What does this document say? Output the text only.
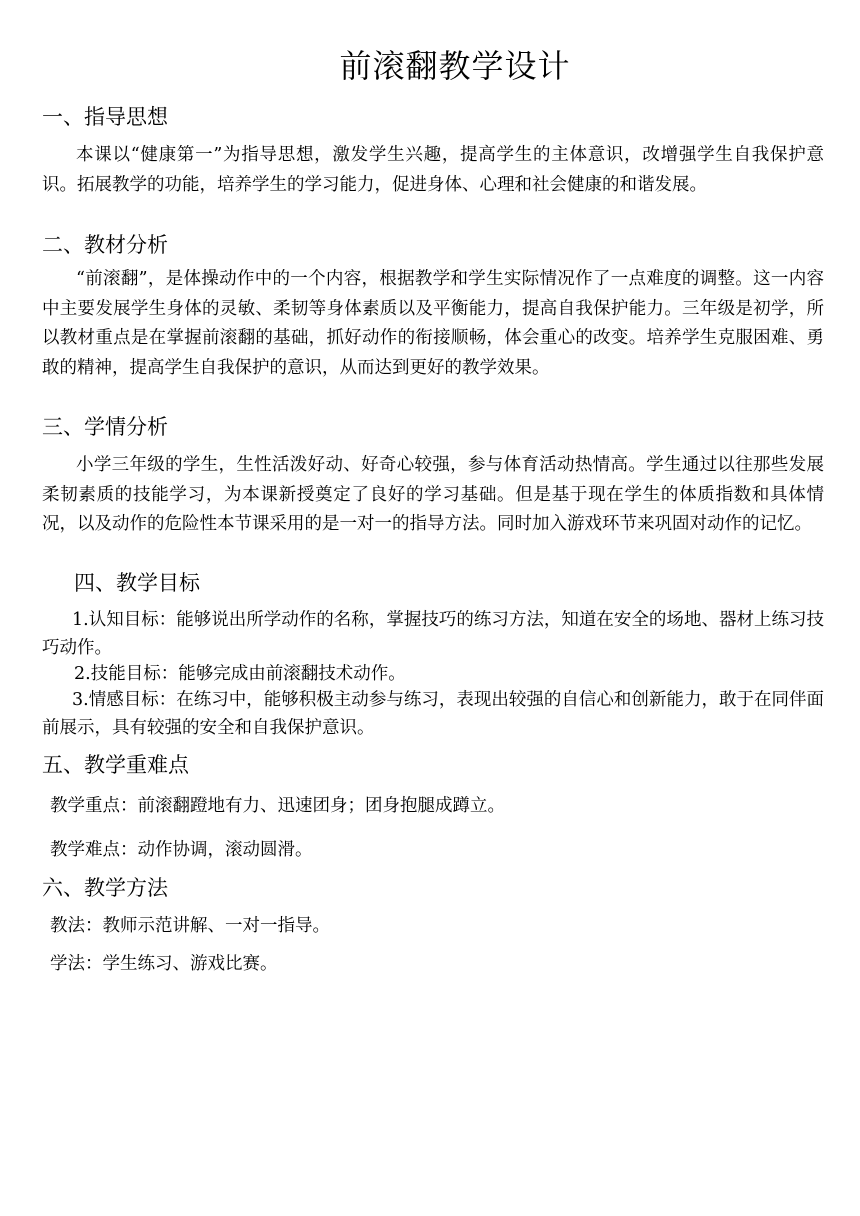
前滚翻教学设计
一、指导思想

本课以“健康第一”为指导思想，激发学生兴趣，提高学生的主体意识，改增强学生自我保护意识。拓展教学的功能，培养学生的学习能力，促进身体、心理和社会健康的和谐发展。

二、教材分析

“前滚翻”，是体操动作中的一个内容，根据教学和学生实际情况作了一点难度的调整。这一内容中主要发展学生身体的灵敏、柔韧等身体素质以及平衡能力，提高自我保护能力。三年级是初学，所以教材重点是在掌握前滚翻的基础，抓好动作的衔接顺畅，体会重心的改变。培养学生克服困难、勇敢的精神，提高学生自我保护的意识，从而达到更好的教学效果。

三、学情分析

小学三年级的学生，生性活泼好动、好奇心较强，参与体育活动热情高。学生通过以往那些发展柔韧素质的技能学习，为本课新授奠定了良好的学习基础。但是基于现在学生的体质指数和具体情况，以及动作的危险性本节课采用的是一对一的指导方法。同时加入游戏环节来巩固对动作的记忆。

四、教学目标

1.认知目标：能够说出所学动作的名称，掌握技巧的练习方法，知道在安全的场地、器材上练习技巧动作。

2.技能目标：能够完成由前滚翻技术动作。

3.情感目标：在练习中，能够积极主动参与练习，表现出较强的自信心和创新能力，敢于在同伴面前展示，具有较强的安全和自我保护意识。

五、教学重难点
教学重点：前滚翻蹬地有力、迅速团身；团身抱腿成蹲立。
教学难点：动作协调，滚动圆滑。
六、教学方法
教法：教师示范讲解、一对一指导。
学法：学生练习、游戏比赛。
